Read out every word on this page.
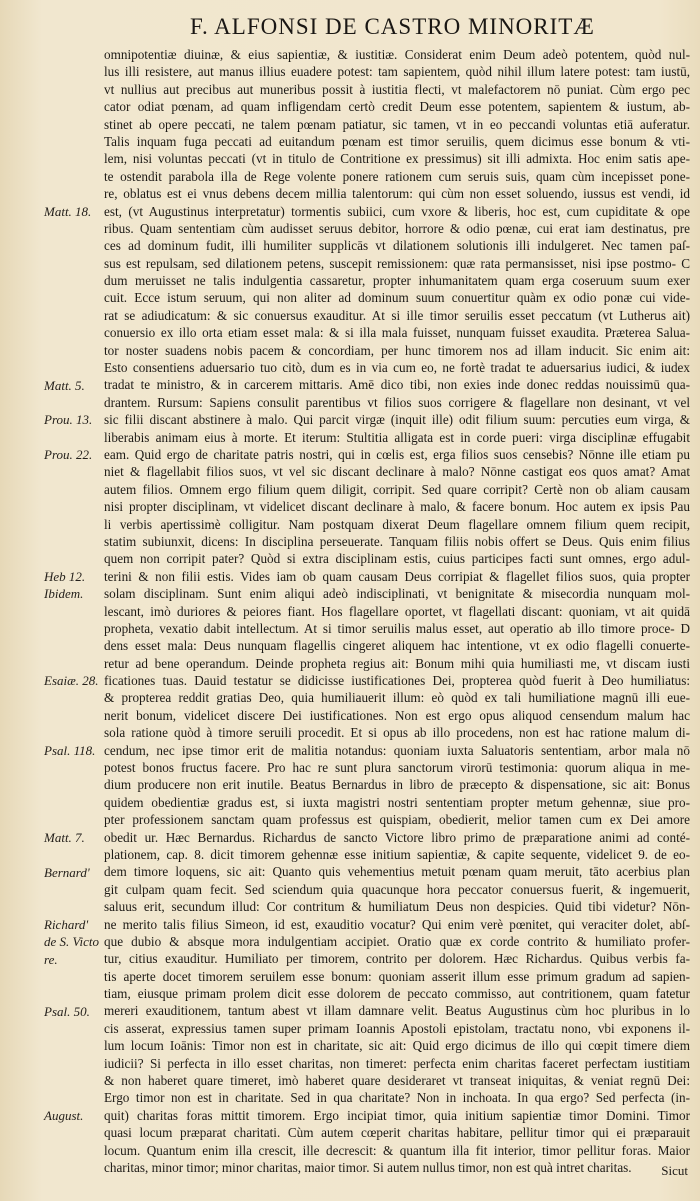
F. ALFONSI DE CASTRO MINORITÆ
Matt. 18.
Matt. 5.
Prou. 13.
Prou. 22.
Heb 12.
Ibidem.
Esaiæ. 28.
Psal. 118.
Matt. 7.
Bernard'
Richard'
de S. Victo
re.
Psal. 50.
August.
omnipotentiæ diuinæ, & eius sapientiæ, & iustitiæ. Considerat enim Deum adeò potentem, quòd nul-
lus illi resistere, aut manus illius euadere potest: tam sapientem, quòd nihil illum latere potest: tam iustū,
vt nullius aut precibus aut muneribus possit à iustitia flecti, vt malefactorem nō puniat. Cùm ergo pec
cator odiat pœnam, ad quam infligendam certò credit Deum esse potentem, sapientem & iustum, ab-
stinet ab opere peccati, ne talem pœnam patiatur, sic tamen, vt in eo peccandi voluntas etiā auferatur.
Talis inquam fuga peccati ad euitandum pœnam est timor seruilis, quem dicimus esse bonum & vti-
lem, nisi voluntas peccati (vt in titulo de Contritione ex pressimus) sit illi admixta. Hoc enim satis ape-
te ostendit parabola illa de Rege volente ponere rationem cum seruis suis, quam cùm incepisset pone-
re, oblatus est ei vnus debens decem millia talentorum: qui cùm non esset soluendo, iussus est vendi, id
est, (vt Augustinus interpretatur) tormentis subiici, cum vxore & liberis, hoc est, cum cupiditate & ope
ribus. Quam sententiam cùm audisset seruus debitor, horrore & odio pœnæ, cui erat iam destinatus, pre
ces ad dominum fudit, illi humiliter supplicās vt dilationem solutionis illi indulgeret. Nec tamen paſ-
sus est repulsam, sed dilationem petens, suscepit remissionem: quæ rata permansisset, nisi ipse postmo- C
dum meruisset ne talis indulgentia cassaretur, propter inhumanitatem quam erga coseruum suum exer
cuit. Ecce istum seruum, qui non aliter ad dominum suum conuertitur quàm ex odio ponæ cui vide-
rat se adiudicatum: & sic conuersus exauditur. At si ille timor seruilis esset peccatum (vt Lutherus ait)
conuersio ex illo orta etiam esset mala: & si illa mala fuisset, nunquam fuisset exaudita. Præterea Salua-
tor noster suadens nobis pacem & concordiam, per hunc timorem nos ad illam inducit. Sic enim ait:
Esto consentiens aduersario tuo citò, dum es in via cum eo, ne fortè tradat te aduersarius iudici, & iudex
tradat te ministro, & in carcerem mittaris. Amē dico tibi, non exies inde donec reddas nouissimū qua-
drantem. Rursum: Sapiens consulit parentibus vt filios suos corrigere & flagellare non desinant, vt vel
sic filii discant abstinere à malo. Qui parcit virgæ (inquit ille) odit filium suum: percuties eum virga, &
liberabis animam eius à morte. Et iterum: Stultitia alligata est in corde pueri: virga disciplinæ effugabit
eam. Quid ergo de charitate patris nostri, qui in cœlis est, erga filios suos censebis? Nōnne ille etiam pu
niet & flagellabit filios suos, vt vel sic discant declinare à malo? Nōnne castigat eos quos amat? Amat
autem filios. Omnem ergo filium quem diligit, corripit. Sed quare corripit? Certè non ob aliam causam
nisi propter disciplinam, vt videlicet discant declinare à malo, & facere bonum. Hoc autem ex ipsis Pau
li verbis apertissimè colligitur. Nam postquam dixerat Deum flagellare omnem filium quem recipit,
statim subiunxit, dicens: In disciplina perseuerate. Tanquam filiis nobis offert se Deus. Quis enim filius
quem non corripit pater? Quòd si extra disciplinam estis, cuius participes facti sunt omnes, ergo adul-
terini & non filii estis. Vides iam ob quam causam Deus corripiat & flagellet filios suos, quia propter
solam disciplinam. Sunt enim aliqui adeò indisciplinati, vt benignitate & misecordia nunquam mol-
lescant, imò duriores & peiores fiant. Hos flagellare oportet, vt flagellati discant: quoniam, vt ait quidā
propheta, vexatio dabit intellectum. At si timor seruilis malus esset, aut operatio ab illo timore proce- D
dens esset mala: Deus nunquam flagellis cingeret aliquem hac intentione, vt ex odio flagelli conuerte-
retur ad bene operandum. Deinde propheta regius ait: Bonum mihi quia humiliasti me, vt discam iusti
ficationes tuas. Dauid testatur se didicisse iustificationes Dei, propterea quòd fuerit à Deo humiliatus:
& propterea reddit gratias Deo, quia humiliauerit illum: eò quòd ex tali humiliatione magnū illi eue-
nerit bonum, videlicet discere Dei iustificationes. Non est ergo opus aliquod censendum malum hac
sola ratione quòd à timore seruili procedit. Et si opus ab illo procedens, non est hac ratione malum di-
cendum, nec ipse timor erit de malitia notandus: quoniam iuxta Saluatoris sententiam, arbor mala nō
potest bonos fructus facere. Pro hac re sunt plura sanctorum virorū testimonia: quorum aliqua in me-
dium producere non erit inutile. Beatus Bernardus in libro de præcepto & dispensatione, sic ait: Bonus
quidem obedientiæ gradus est, si iuxta magistri nostri sententiam propter metum gehennæ, siue pro-
pter professionem sanctam quam professus est quispiam, obedierit, melior tamen cum ex Dei amore
obedit ur. Hæc Bernardus. Richardus de sancto Victore libro primo de præparatione animi ad conté-
plationem, cap. 8. dicit timorem gehennæ esse initium sapientiæ, & capite sequente, videlicet 9. de eo-
dem timore loquens, sic ait: Quanto quis vehementius metuit pœnam quam meruit, tāto acerbius plan
git culpam quam fecit. Sed sciendum quia quacunque hora peccator conuersus fuerit, & ingemuerit,
saluus erit, secundum illud: Cor contritum & humiliatum Deus non despicies. Quid tibi videtur? Nōn-
ne merito talis filius Simeon, id est, exauditio vocatur? Qui enim verè pœnitet, qui veraciter dolet, abſ-
que dubio & absque mora indulgentiam accipiet. Oratio quæ ex corde contrito & humiliato profer-
tur, citius exauditur. Humiliato per timorem, contrito per dolorem. Hæc Richardus. Quibus verbis fa-
tis aperte docet timorem seruilem esse bonum: quoniam asserit illum esse primum gradum ad sapien-
tiam, eiusque primam prolem dicit esse dolorem de peccato commisso, aut contritionem, quam fatetur
mereri exauditionem, tantum abest vt illam damnare velit. Beatus Augustinus cùm hoc pluribus in lo
cis asserat, expressius tamen super primam Ioannis Apostoli epistolam, tractatu nono, vbi exponens il-
lum locum Ioānis: Timor non est in charitate, sic ait: Quid ergo dicimus de illo qui cœpit timere diem
iudicii? Si perfecta in illo esset charitas, non timeret: perfecta enim charitas faceret perfectam iustitiam
& non haberet quare timeret, imò haberet quare desideraret vt transeat iniquitas, & veniat regnū Dei:
Ergo timor non est in charitate. Sed in qua charitate? Non in inchoata. In qua ergo? Sed perfecta (in-
quit) charitas foras mittit timorem. Ergo incipiat timor, quia initium sapientiæ timor Domini. Timor
quasi locum præparat charitati. Cùm autem cœperit charitas habitare, pellitur timor qui ei præparauit
locum. Quantum enim illa crescit, ille decrescit: & quantum illa fit interior, timor pellitur foras. Maior
charitas, minor timor; minor charitas, maior timor. Si autem nullus timor, non est quà intret charitas.	Sicut
